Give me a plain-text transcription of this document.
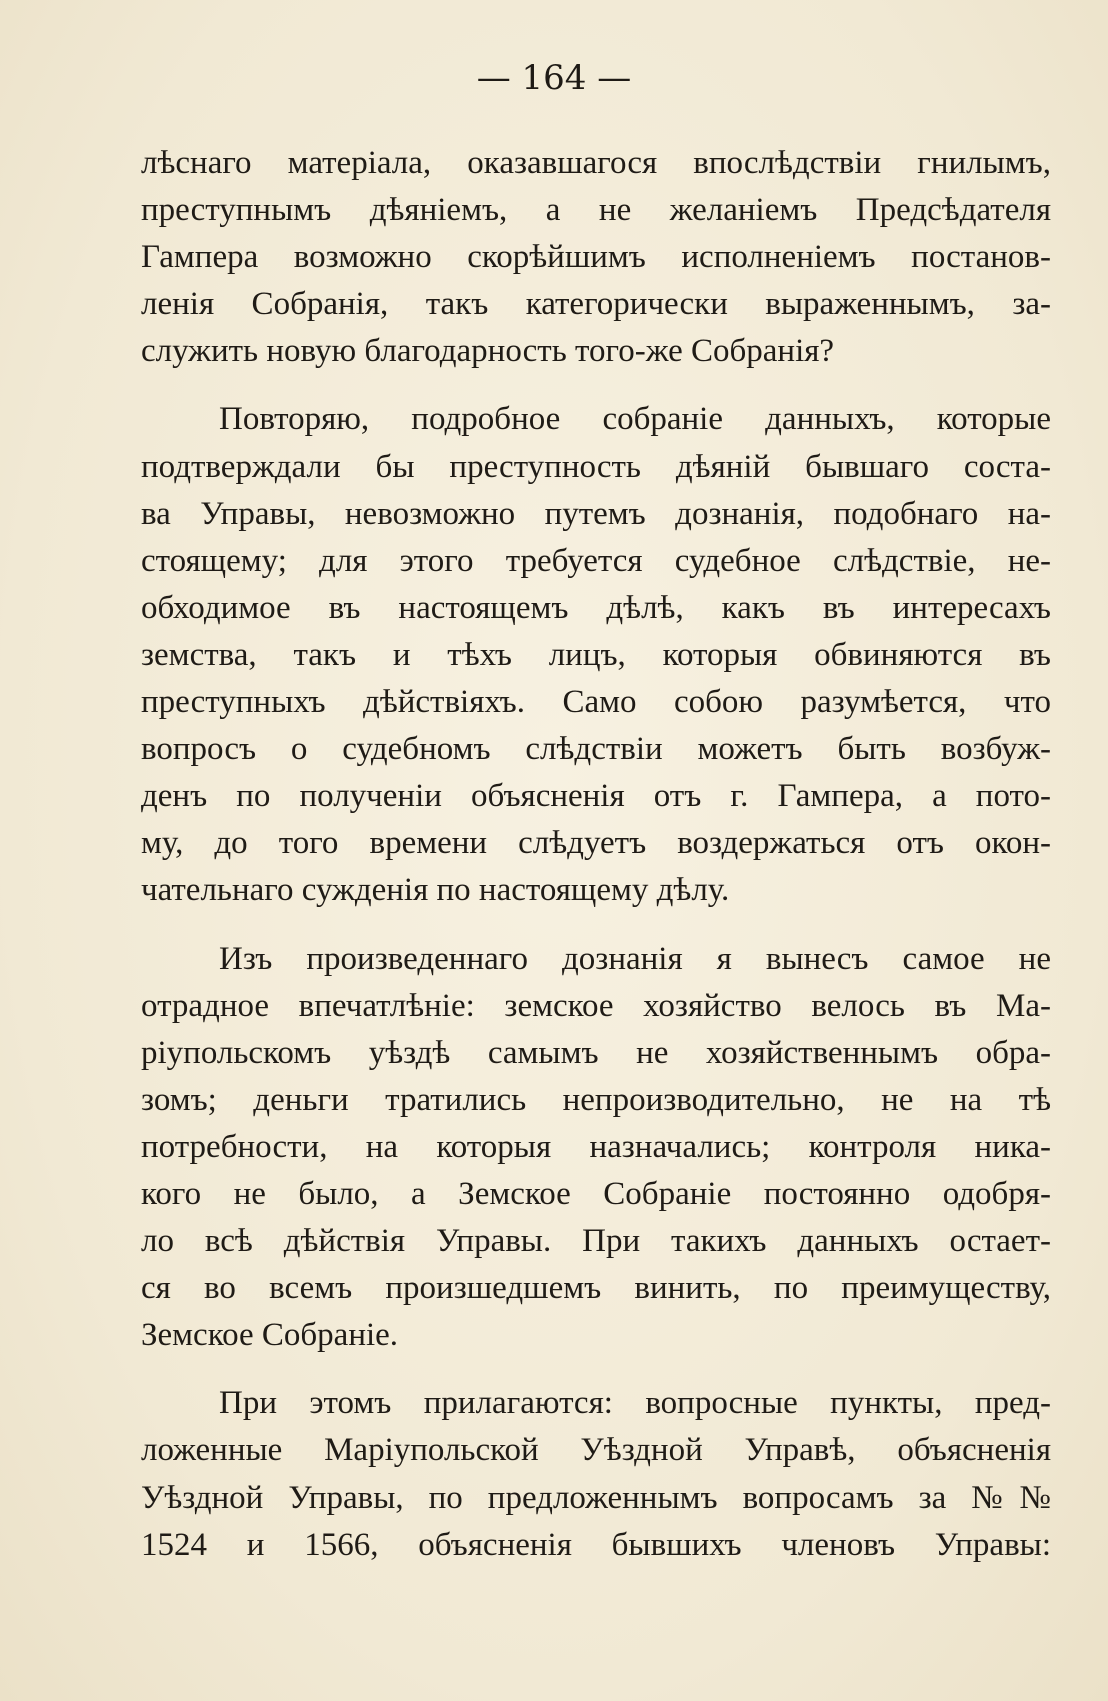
— 164 —
лѣснаго матеріала, оказавшагося впослѣдствіи гнилымъ,
преступнымъ дѣяніемъ, а не желаніемъ Предсѣдателя
Гампера возможно скорѣйшимъ исполненіемъ постанов-
ленія Собранія, такъ категорически выраженнымъ, за-
служить новую благодарность того-же Собранія?
Повторяю, подробное собраніе данныхъ, которые
подтверждали бы преступность дѣяній бывшаго соста-
ва Управы, невозможно путемъ дознанія, подобнаго на-
стоящему; для этого требуется судебное слѣдствіе, не-
обходимое въ настоящемъ дѣлѣ, какъ въ интересахъ
земства, такъ и тѣхъ лицъ, которыя обвиняются въ
преступныхъ дѣйствіяхъ. Само собою разумѣется, что
вопросъ о судебномъ слѣдствіи можетъ быть возбуж-
денъ по полученіи объясненія отъ г. Гампера, а пото-
му, до того времени слѣдуетъ воздержаться отъ окон-
чательнаго сужденія по настоящему дѣлу.
Изъ произведеннаго дознанія я вынесъ самое не
отрадное впечатлѣніе: земское хозяйство велось въ Ма-
ріупольскомъ уѣздѣ самымъ не хозяйственнымъ обра-
зомъ; деньги тратились непроизводительно, не на тѣ
потребности, на которыя назначались; контроля ника-
кого не было, а Земское Собраніе постоянно одобря-
ло всѣ дѣйствія Управы. При такихъ данныхъ остает-
ся во всемъ произшедшемъ винить, по преимуществу,
Земское Собраніе.
При этомъ прилагаются: вопросные пункты, пред-
ложенные Маріупольской Уѣздной Управѣ, объясненія
Уѣздной Управы, по предложеннымъ вопросамъ за №№
1524 и 1566, объясненія бывшихъ членовъ Управы:
